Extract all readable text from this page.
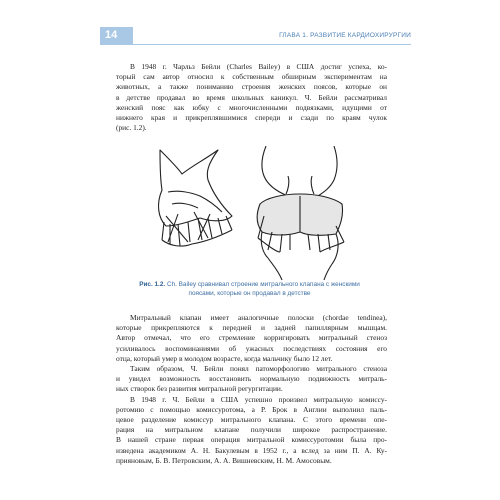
14	ГЛАВА 1. РАЗВИТИЕ КАРДИОХИРУРГИИ
В 1948 г. Чарльз Бейли (Charles Bailey) в США достиг успеха, ко-
торый сам автор относил к собственным обширным экспериментам на
животных, а также пониманию строения женских поясов, которые он
в детстве продавал во время школьных каникул. Ч. Бейли рассматривал
женский пояс как юбку с многочисленными подвязками, идущими от
нижнего края и прикреплявшимися спереди и сзади по краям чулок
(рис. 1.2).
Рис. 1.2. Ch. Bailey сравнивал строение митрального клапана с женскими поясами, которые он продавал в детстве
Митральный клапан имеет аналогичные полоски (chordae tendinea),
которые прикрепляются к передней и задней папиллярным мышцам.
Автор отмечал, что его стремление корригировать митральный стеноз
усиливалось воспоминаниями об ужасных последствиях состояния его
отца, который умер в молодом возрасте, когда мальчику было 12 лет.
Таким образом, Ч. Бейли понял патоморфологию митрального стеноза
и увидел возможность восстановить нормальную подвижность митраль-
ных створок без развития митральной регургитации.
В 1948 г. Ч. Бейли в США успешно произвел митральную комиссу-
ротомию с помощью комиссуротома, а Р. Брок в Англии выполнил паль-
цевое разделение комиссур митрального клапана. С этого времени опе-
рация на митральном клапане получили широкое распространение.
В нашей стране первая операция митральной комиссуротомии была про-
изведена академиком А. Н. Бакулевым в 1952 г., а вслед за ним П. А. Ку-
прияновым, Б. В. Петровским, А. А. Вишневским, Н. М. Амосовым.
